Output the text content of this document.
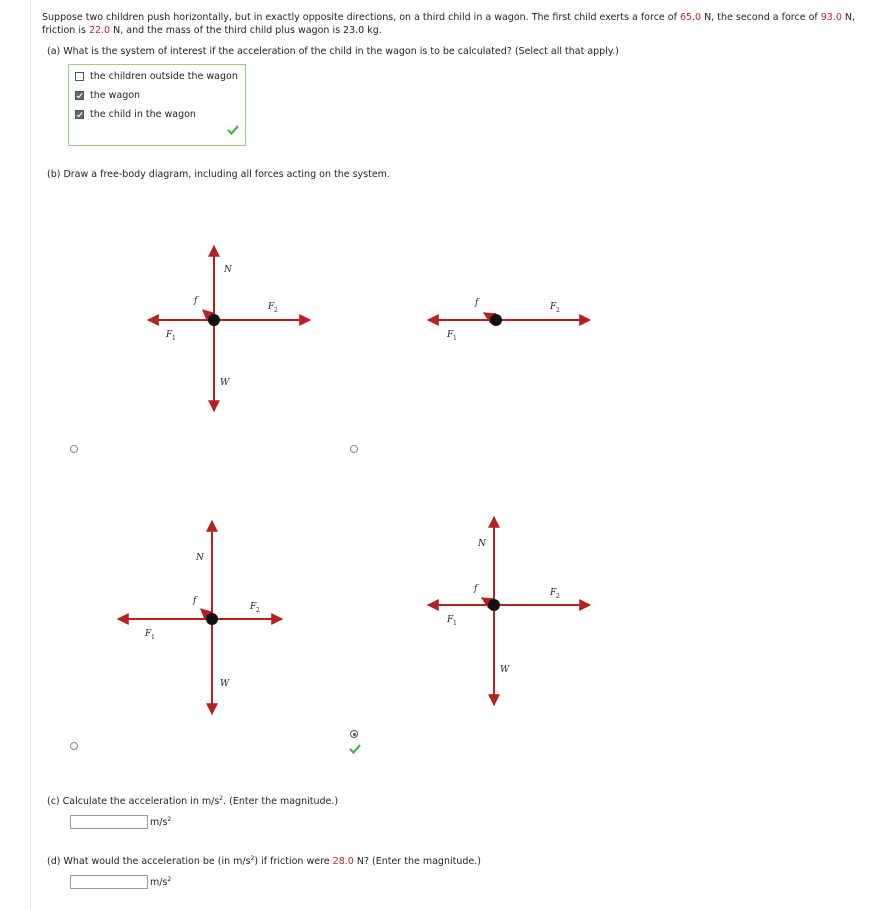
Suppose two children push horizontally, but in exactly opposite directions, on a third child in a wagon. The first child exerts a force of 65.0 N, the second a force of 93.0 N,
friction is 22.0 N, and the mass of the third child plus wagon is 23.0 kg.
(a) What is the system of interest if the acceleration of the child in the wagon is to be calculated? (Select all that apply.)
the children outside the wagon
the wagon
the child in the wagon
(b) Draw a free-body diagram, including all forces acting on the system.
N
W
f
F 1
F 2
f
F 1
F 2
N
W
f
F 1
F 2
N
W
f
F 1
F 2
(c) Calculate the acceleration in $m/s^2$. (Enter the magnitude.)
$m/s^2$
(d) What would the acceleration be (in $m/s^2$) if friction were 28.0 N? (Enter the magnitude.)
$m/s^2$
